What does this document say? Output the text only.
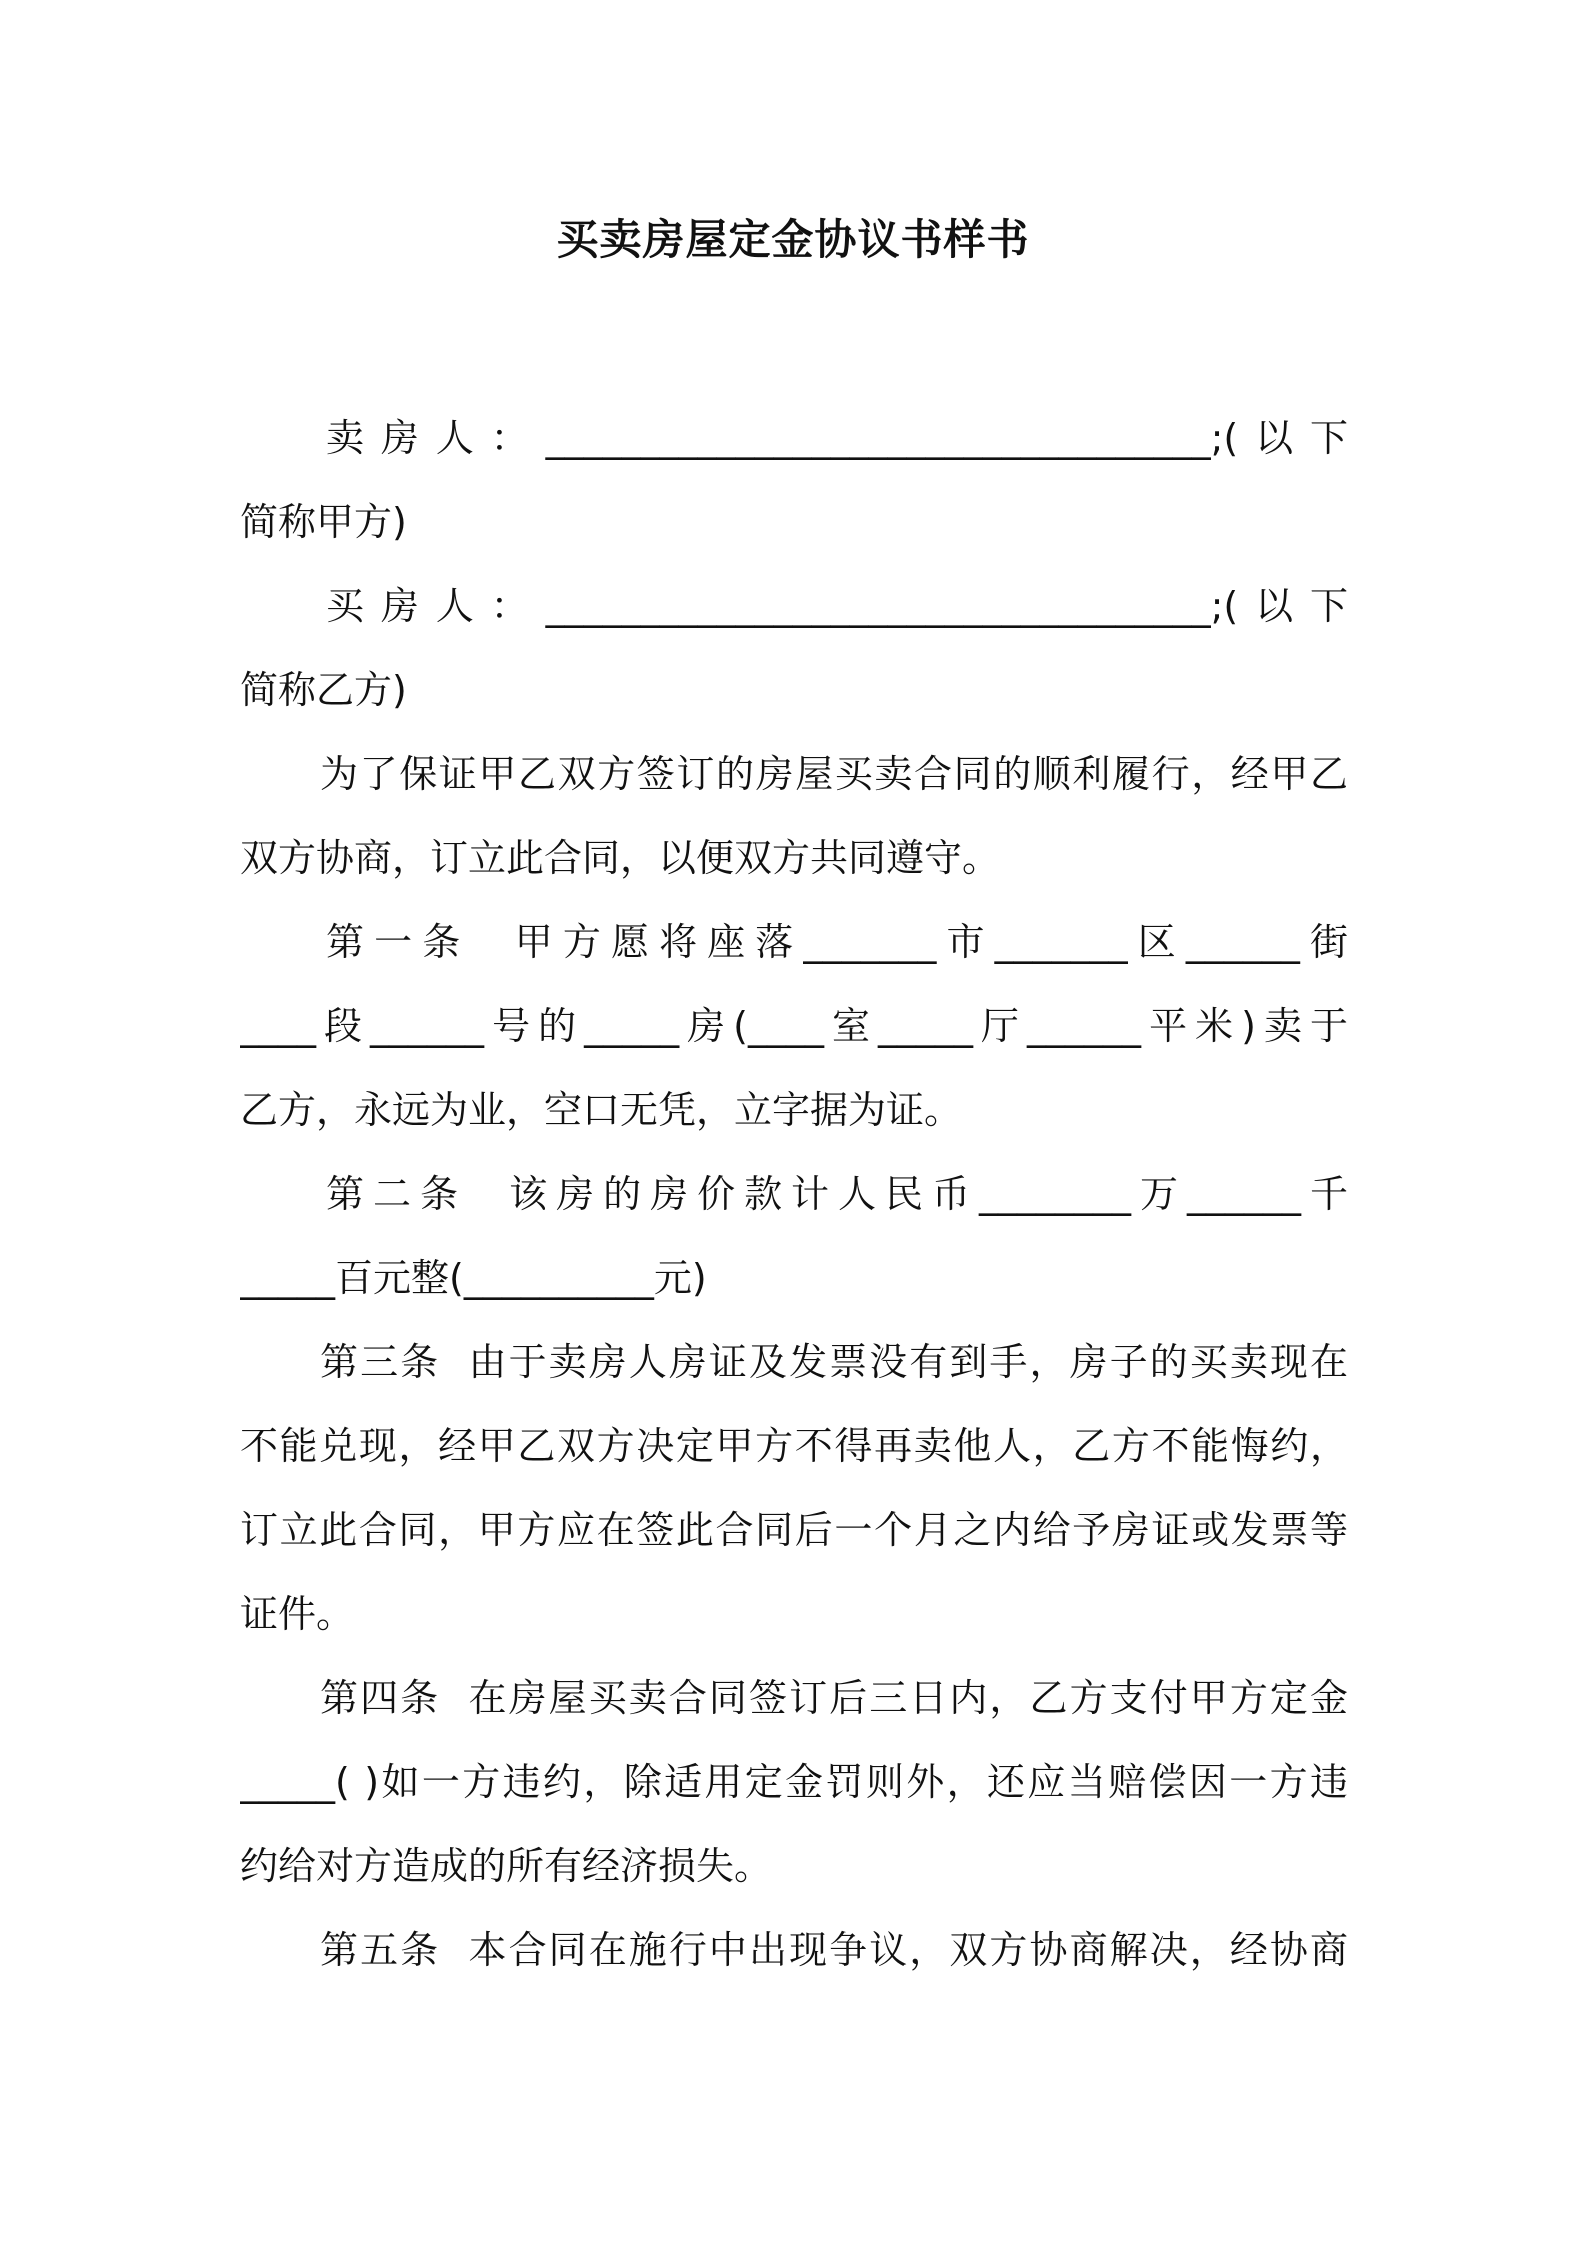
买卖房屋定金协议书样书
卖房人：___________________________________;(以下
简称甲方)
买房人：___________________________________;(以下
简称乙方)
为了保证甲乙双方签订的房屋买卖合同的顺利履行，经甲乙
双方协商，订立此合同，以便双方共同遵守。
第一条  甲方愿将座落_______市_______区______街
____段______号的_____房(____室_____厅______平米)卖于
乙方，永远为业，空口无凭，立字据为证。
第二条  该房的房价款计人民币________万______千
_____百元整(__________元)
第三条  由于卖房人房证及发票没有到手，房子的买卖现在
不能兑现，经甲乙双方决定甲方不得再卖他人，乙方不能悔约，
订立此合同，甲方应在签此合同后一个月之内给予房证或发票等
证件。
第四条  在房屋买卖合同签订后三日内，乙方支付甲方定金
_____( )如一方违约，除适用定金罚则外，还应当赔偿因一方违
约给对方造成的所有经济损失。
第五条  本合同在施行中出现争议，双方协商解决，经协商
